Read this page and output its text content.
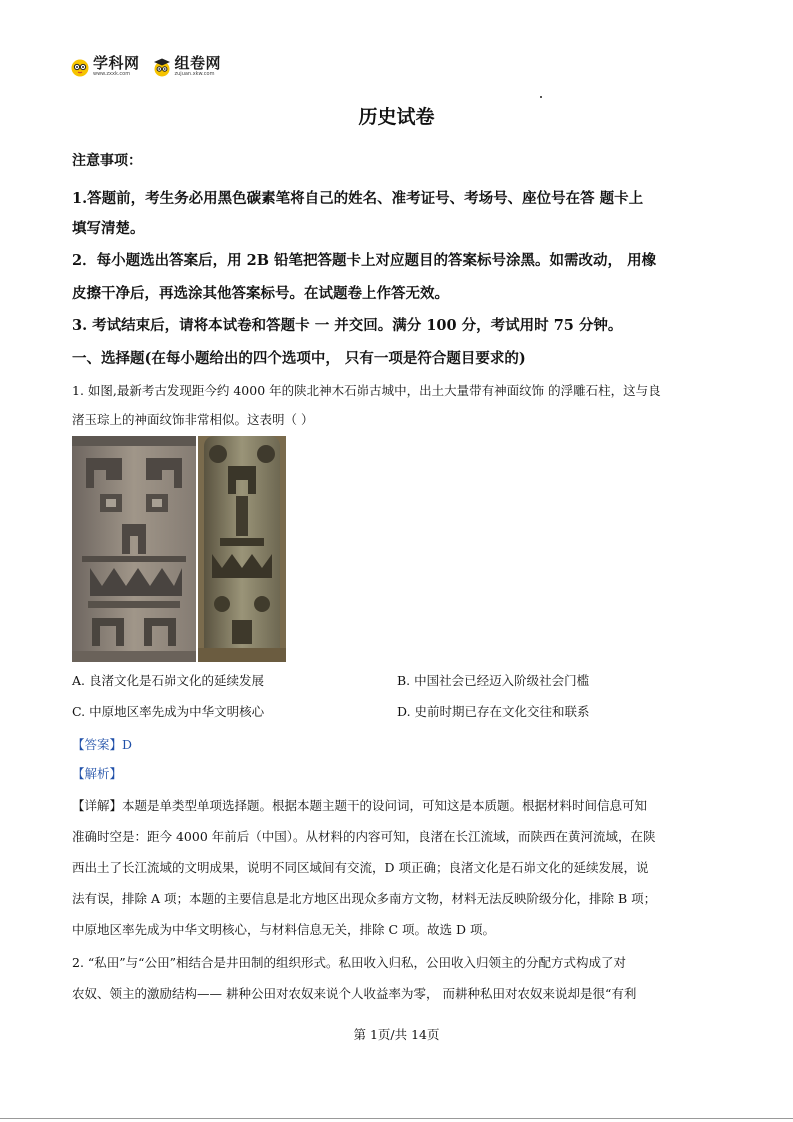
学科网
www.zxxk.com
组卷网
zujuan.xkw.com
历史试卷
注意事项：
1.答题前，考生务必用黑色碳素笔将自己的姓名、准考证号、考场号、座位号在答 题卡上
填写清楚。
2．每小题选出答案后，用 2B 铅笔把答题卡上对应题目的答案标号涂黑。如需改动， 用橡
皮擦干净后，再选涂其他答案标号。在试题卷上作答无效。
3. 考试结束后，请将本试卷和答题卡 一 并交回。满分 100 分，考试用时 75 分钟。
一、选择题(在每小题给出的四个选项中， 只有一项是符合题目要求的)
1. 如图,最新考古发现距今约 4000 年的陕北神木石峁古城中，出土大量带有神面纹饰 的浮雕石柱，这与良
渚玉琮上的神面纹饰非常相似。这表明（ ）
A. 良渚文化是石峁文化的延续发展	B. 中国社会已经迈入阶级社会门槛
C. 中原地区率先成为中华文明核心	D. 史前时期已存在文化交往和联系
【答案】D
【解析】
【详解】本题是单类型单项选择题。根据本题主题干的设问词，可知这是本质题。根据材料时间信息可知
准确时空是：距今 4000 年前后（中国）。从材料的内容可知，良渚在长江流域，而陕西在黄河流域，在陕
西出土了长江流域的文明成果，说明不同区域间有交流，D 项正确；良渚文化是石峁文化的延续发展，说
法有误，排除 A 项；本题的主要信息是北方地区出现众多南方文物，材料无法反映阶级分化，排除 B 项；
中原地区率先成为中华文明核心，与材料信息无关，排除 C 项。故选 D 项。
2. “私田”与“公田”相结合是井田制的组织形式。私田收入归私，公田收入归领主的分配方式构成了对
农奴、领主的激励结构—— 耕种公田对农奴来说个人收益率为零， 而耕种私田对农奴来说却是很“有利
第 1页/共 14页
